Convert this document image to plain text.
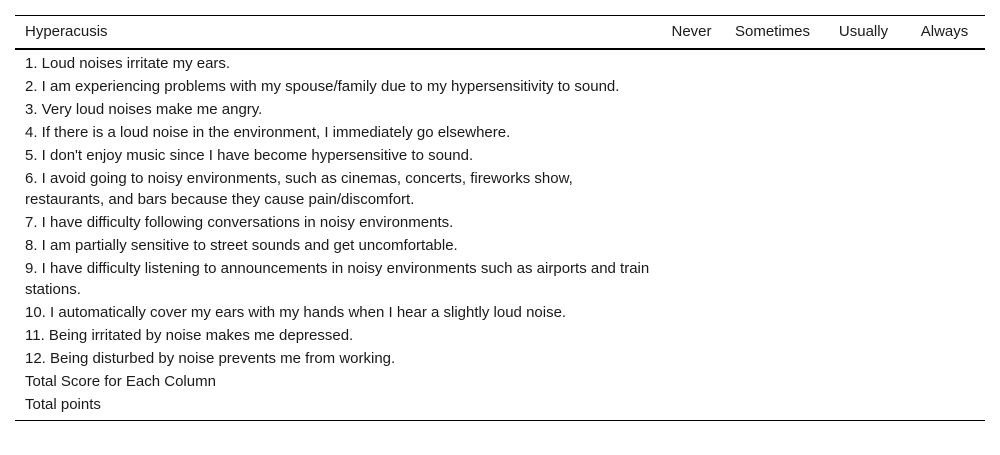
Hyperacusis	Never	Sometimes	Usually	Always
1. Loud noises irritate my ears.				
2. I am experiencing problems with my spouse/family due to my hypersensitivity to sound.				
3. Very loud noises make me angry.				
4. If there is a loud noise in the environment, I immediately go elsewhere.				
5. I don't enjoy music since I have become hypersensitive to sound.				
6. I avoid going to noisy environments, such as cinemas, concerts, fireworks show, restaurants, and bars because they cause pain/discomfort.				
7. I have difficulty following conversations in noisy environments.				
8. I am partially sensitive to street sounds and get uncomfortable.				
9. I have difficulty listening to announcements in noisy environments such as airports and train stations.				
10. I automatically cover my ears with my hands when I hear a slightly loud noise.				
11. Being irritated by noise makes me depressed.				
12. Being disturbed by noise prevents me from working.				
Total Score for Each Column				
Total points				
